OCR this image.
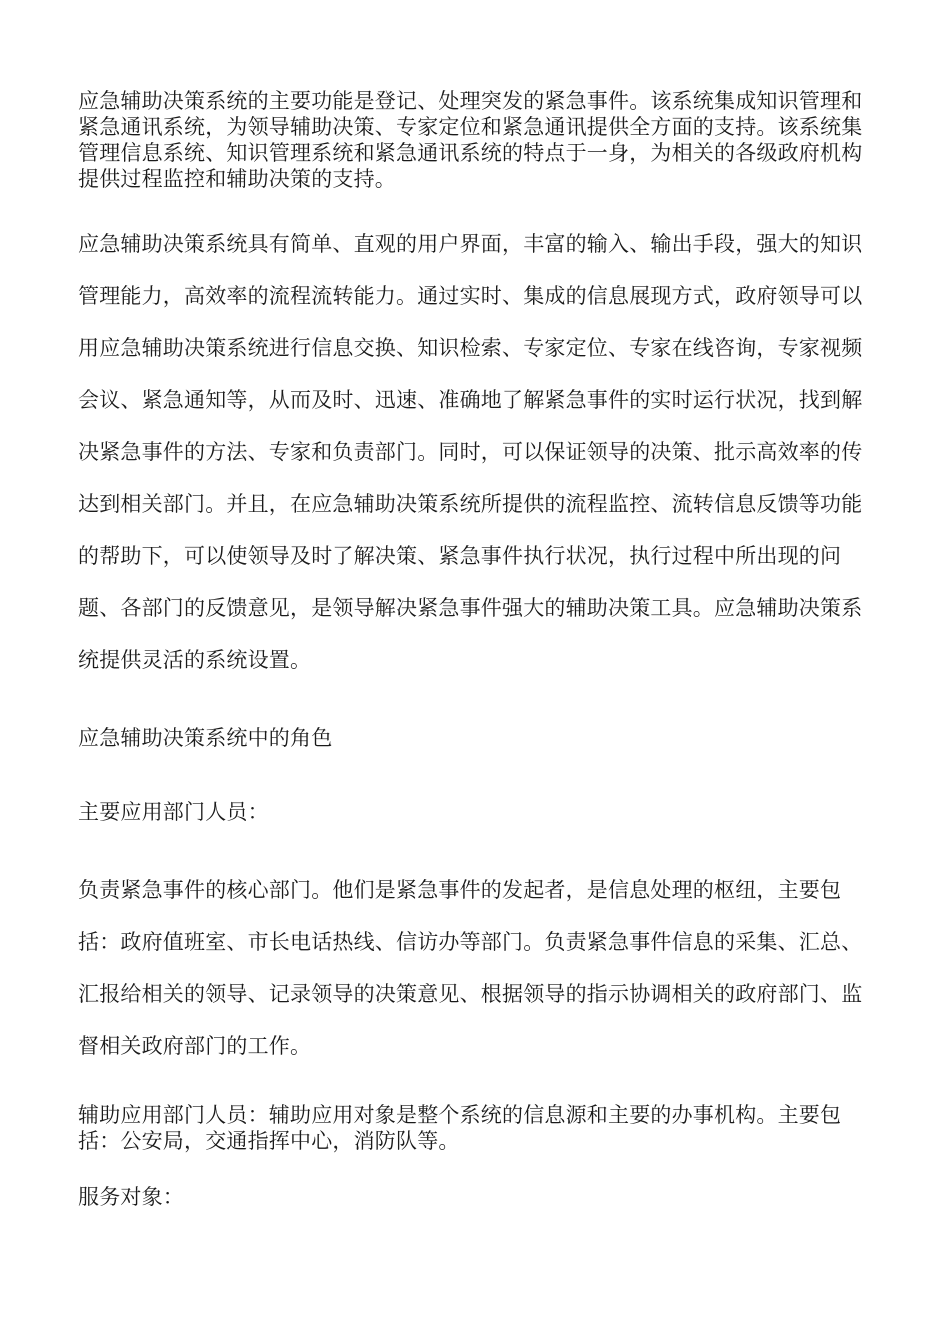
应急辅助决策系统的主要功能是登记、处理突发的紧急事件。该系统集成知识管理和紧急通讯系统，为领导辅助决策、专家定位和紧急通讯提供全方面的支持。该系统集管理信息系统、知识管理系统和紧急通讯系统的特点于一身，为相关的各级政府机构提供过程监控和辅助决策的支持。

应急辅助决策系统具有简单、直观的用户界面，丰富的输入、输出手段，强大的知识管理能力，高效率的流程流转能力。通过实时、集成的信息展现方式，政府领导可以用应急辅助决策系统进行信息交换、知识检索、专家定位、专家在线咨询，专家视频会议、紧急通知等，从而及时、迅速、准确地了解紧急事件的实时运行状况，找到解决紧急事件的方法、专家和负责部门。同时，可以保证领导的决策、批示高效率的传达到相关部门。并且，在应急辅助决策系统所提供的流程监控、流转信息反馈等功能的帮助下，可以使领导及时了解决策、紧急事件执行状况，执行过程中所出现的问题、各部门的反馈意见，是领导解决紧急事件强大的辅助决策工具。应急辅助决策系统提供灵活的系统设置。

应急辅助决策系统中的角色

主要应用部门人员：

负责紧急事件的核心部门。他们是紧急事件的发起者，是信息处理的枢纽，主要包括：政府值班室、市长电话热线、信访办等部门。负责紧急事件信息的采集、汇总、汇报给相关的领导、记录领导的决策意见、根据领导的指示协调相关的政府部门、监督相关政府部门的工作。

辅助应用部门人员：辅助应用对象是整个系统的信息源和主要的办事机构。主要包括：公安局，交通指挥中心，消防队等。

服务对象：
